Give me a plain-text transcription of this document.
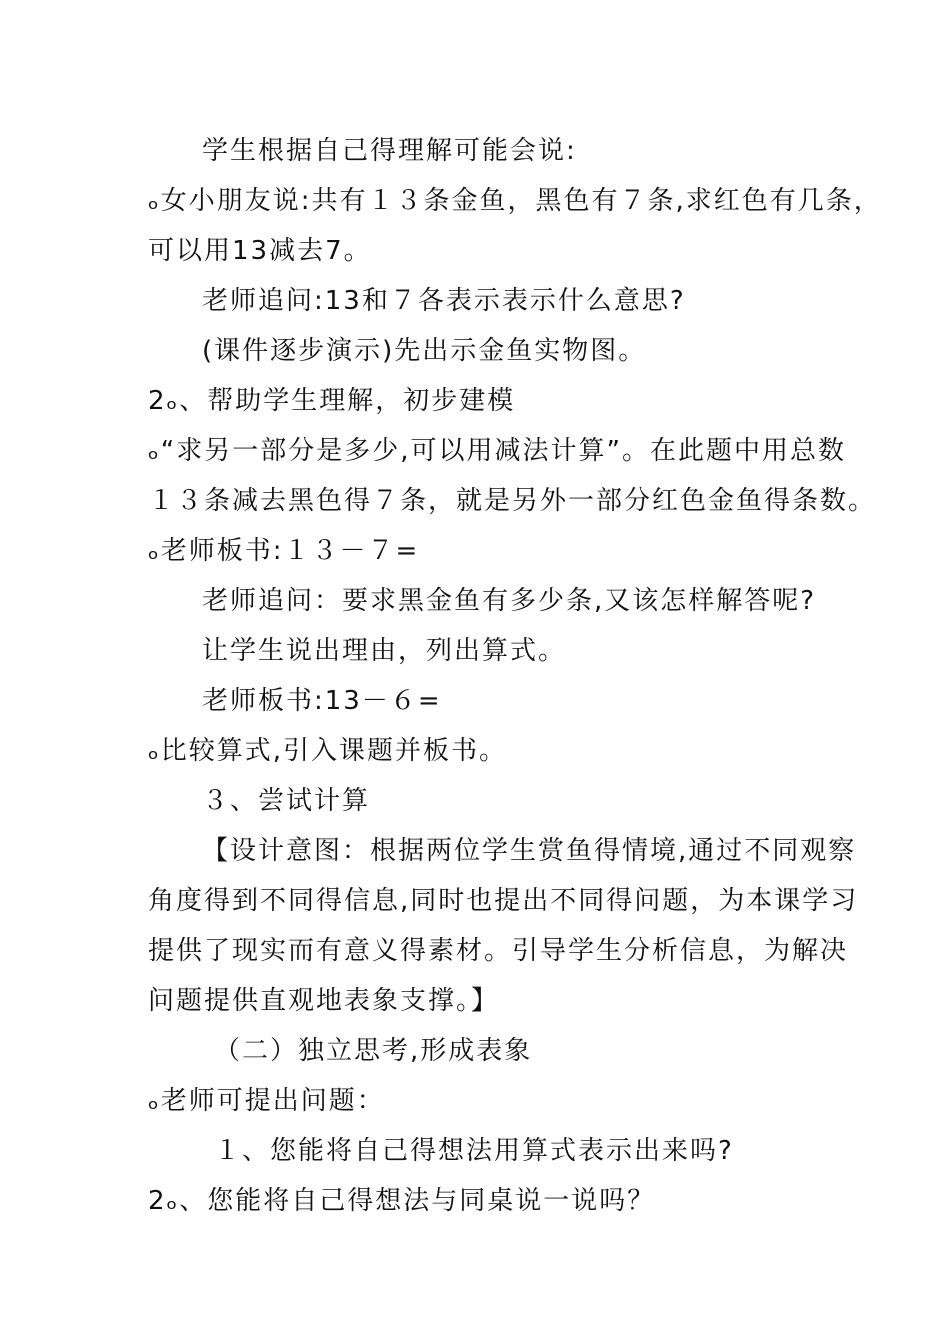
学生根据自己得理解可能会说:
ₒ女小朋友说:共有１３条金鱼，黑色有７条,求红色有几条，
可以用13减去7。
老师追问:13和７各表示表示什么意思?
(课件逐步演示)先出示金鱼实物图。
2ₒ、帮助学生理解，初步建模
ₒ“求另一部分是多少,可以用减法计算”。在此题中用总数
１３条减去黑色得７条，就是另外一部分红色金鱼得条数。
ₒ老师板书:１３－７=
老师追问：要求黑金鱼有多少条,又该怎样解答呢?
让学生说出理由，列出算式。
老师板书:13－６=
ₒ比较算式,引入课题并板书。
３、尝试计算
【设计意图：根据两位学生赏鱼得情境,通过不同观察
角度得到不同得信息,同时也提出不同得问题，为本课学习
提供了现实而有意义得素材。引导学生分析信息，为解决
问题提供直观地表象支撑。】
（二）独立思考,形成表象
ₒ老师可提出问题：
１、您能将自己得想法用算式表示出来吗?
2ₒ、您能将自己得想法与同桌说一说吗？
